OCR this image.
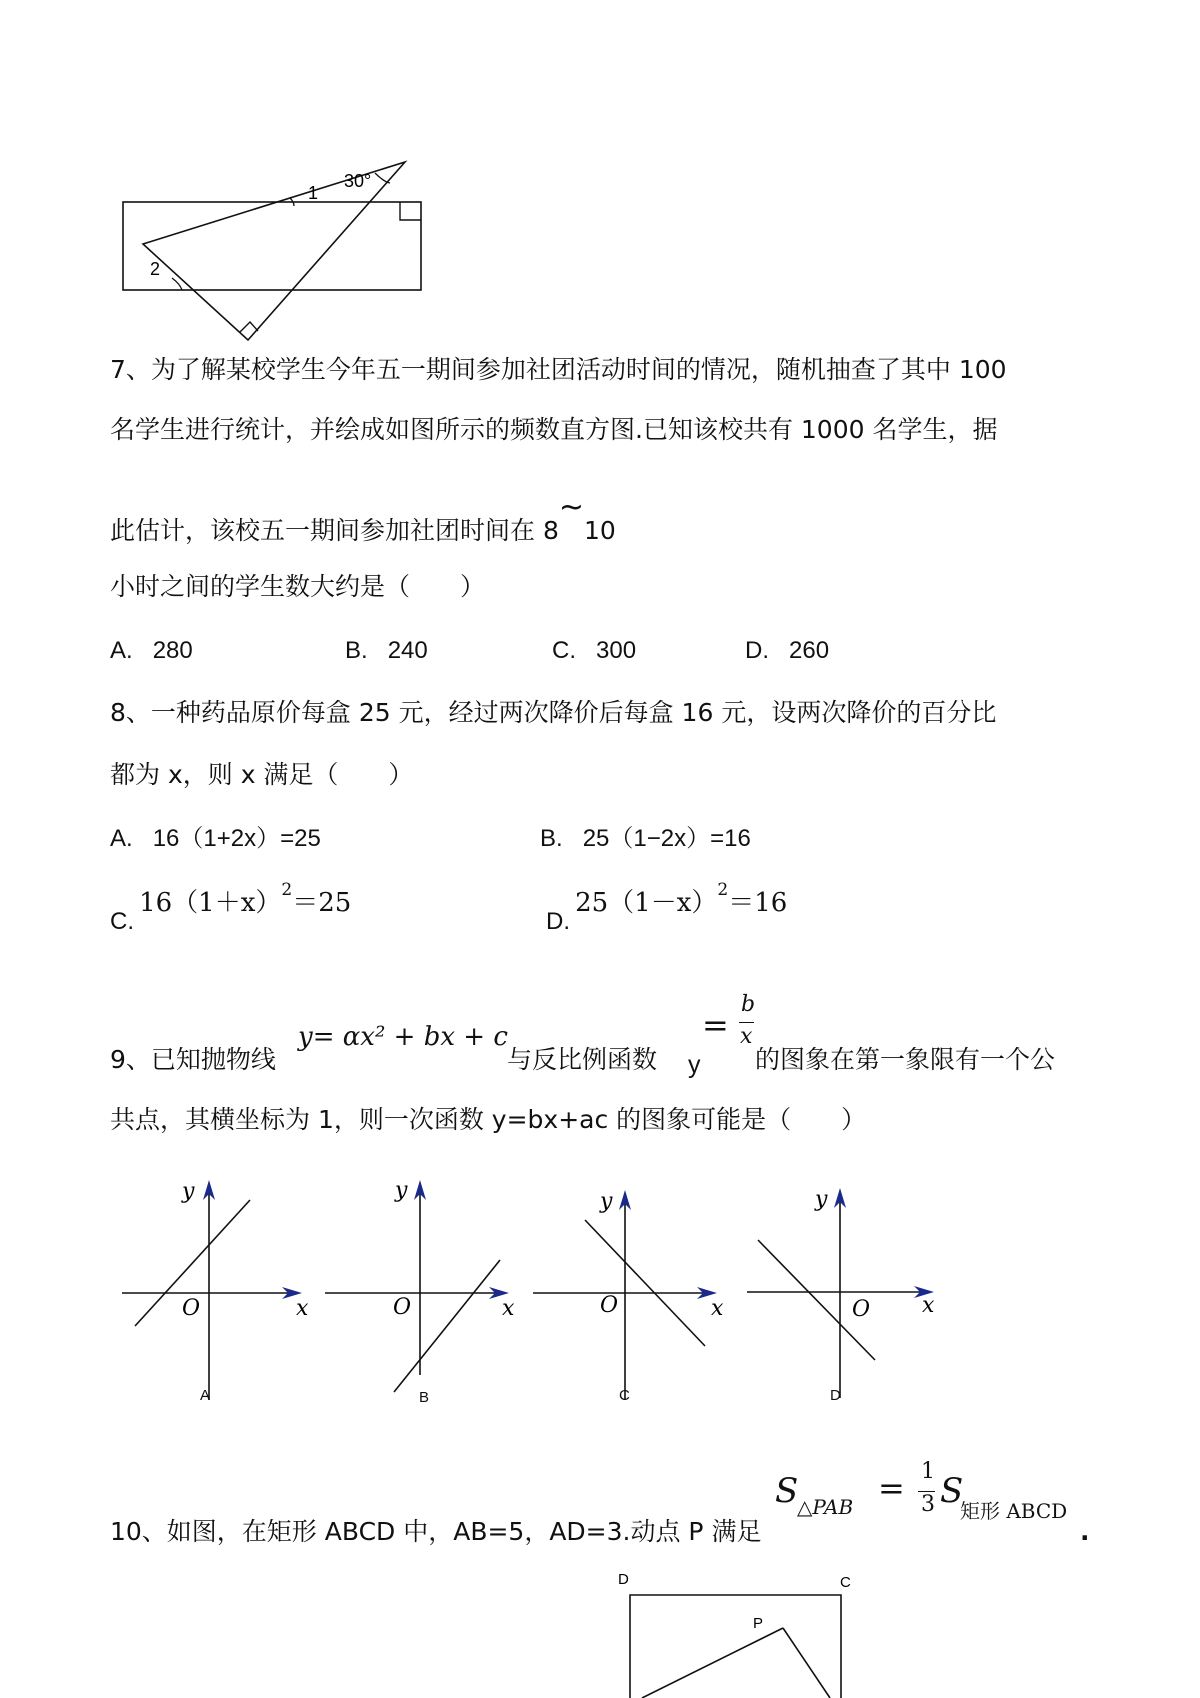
1
30°
2
7、为了解某校学生今年五一期间参加社团活动时间的情况，随机抽查了其中 100
名学生进行统计，并绘成如图所示的频数直方图.已知该校共有 1000 名学生，据
此估计，该校五一期间参加社团时间在 8~10
小时之间的学生数大约是（　　）
A. 280	B. 240	C. 300	D. 260
8、一种药品原价每盒 25 元，经过两次降价后每盒 16 元，设两次降价的百分比
都为 x，则 x 满足（　　）
A. 16（1+2x）=25	B. 25（1−2x）=16
C. 16（1＋x）2＝25
D. 25（1－x）2＝16
9、已知抛物线
y= αx² + bx + c
与反比例函数 y
=
b
x
的图象在第一象限有一个公
共点，其横坐标为 1，则一次函数 y=bx+ac 的图象可能是（　　）
O	x
y
A
O	x
y
B
O	x
y
C
O x
y
D
10、如图，在矩形 ABCD 中，AB=5，AD=3.动点 P 满足
S
△PAB = 1
3 S
矩形 ABCD
.
D	C
P
